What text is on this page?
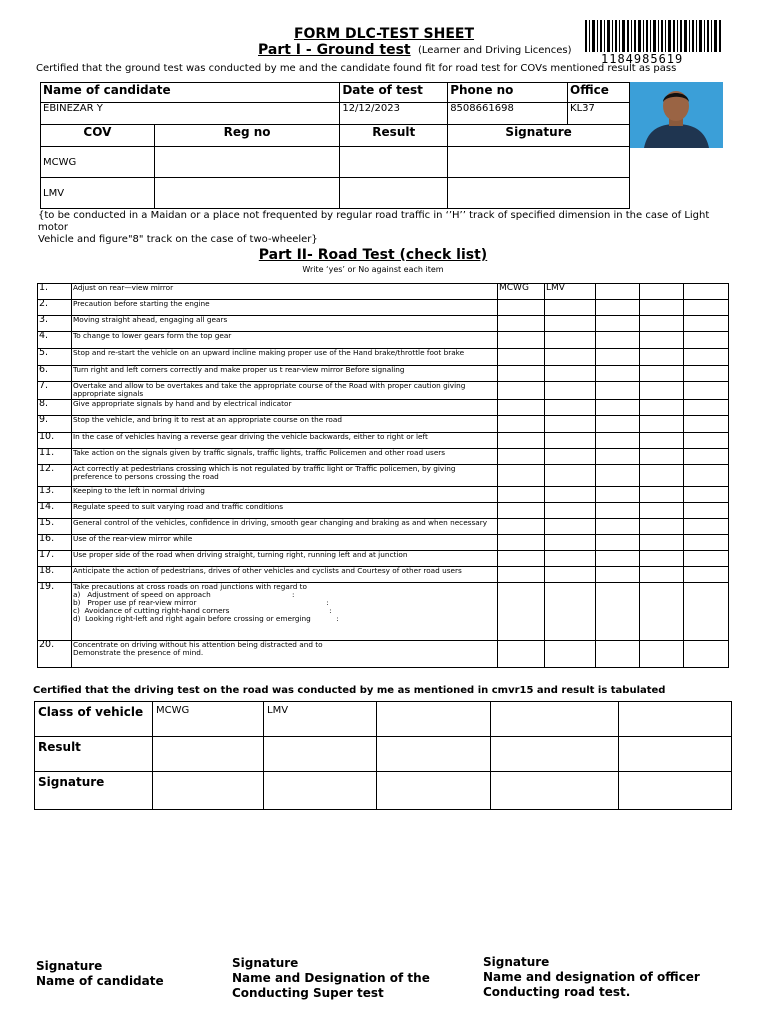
FORM DLC-TEST SHEET
Part I - Ground test (Learner and Driving Licences)
Certified that the ground test was conducted by me and the candidate found fit for road test for COVs mentioned result as pass
1184985619
Name of candidate		Date of test	Phone no	Office
EBINEZAR Y		12/12/2023	8508661698	KL37
COV	Reg no	Result	Signature	
MCWG				
LMV				
{to be conducted in a Maidan or a place not frequented by regular road traffic in ‘’H’’ track of specified dimension in the case of Light motor
Vehicle and figure"8" track on the case of two-wheeler}
Part II- Road Test (check list)
Write ‘yes’ or No against each item
1.	Adjust on rear—view mirror	MCWG	LMV			
2.	Precaution before starting the engine					
3.	Moving straight ahead, engaging all gears					
4.	To change to lower gears form the top gear					
5.	Stop and re-start the vehicle on an upward incline making proper use of the Hand brake/throttle foot brake					
6.	Turn right and left corners correctly and make proper us t rear-view mirror Before signaling					
7.	Overtake and allow to be overtakes and take the appropriate course of the Road with proper caution giving
appropriate signals					
8.	Give appropriate signals by hand and by electrical indicator					
9.	Stop the vehicle, and bring it to rest at an appropriate course on the road					
10.	In the case of vehicles having a reverse gear driving the vehicle backwards, either to right or left					
11.	Take action on the signals given by traffic signals, traffic lights, traffic Policemen and other road users					
12.	Act correctly at pedestrians crossing which is not regulated by traffic light or Traffic policemen, by giving
preference to persons crossing the road					
13.	Keeping to the left in normal driving					
14.	Regulate speed to suit varying road and traffic conditions					
15.	General control of the vehicles, confidence in driving, smooth gear changing and braking as and when necessary					
16.	Use of the rear-view mirror while					
17.	Use proper side of the road when driving straight, turning right, running left and at junction					
18.	Anticipate the action of pedestrians, drives of other vehicles and cyclists and Courtesy of other road users					
19.	Take precautions at cross roads on road junctions with regard to
a)   Adjustment of speed on approach                                   :
b)   Proper use pf rear-view mirror                                                        :
c)  Avoidance of cutting right-hand corners                                           :
d)  Looking right-left and right again before crossing or emerging           :					
20.	Concentrate on driving without his attention being distracted and to
Demonstrate the presence of mind.					
Certified that the driving test on the road was conducted by me as mentioned in cmvr15 and result is tabulated
Class of vehicle	MCWG	LMV			
Result					
Signature					
Signature
Name of candidate
Signature
Name and Designation of the
Conducting Super test
Signature
Name and designation of officer
Conducting road test.
